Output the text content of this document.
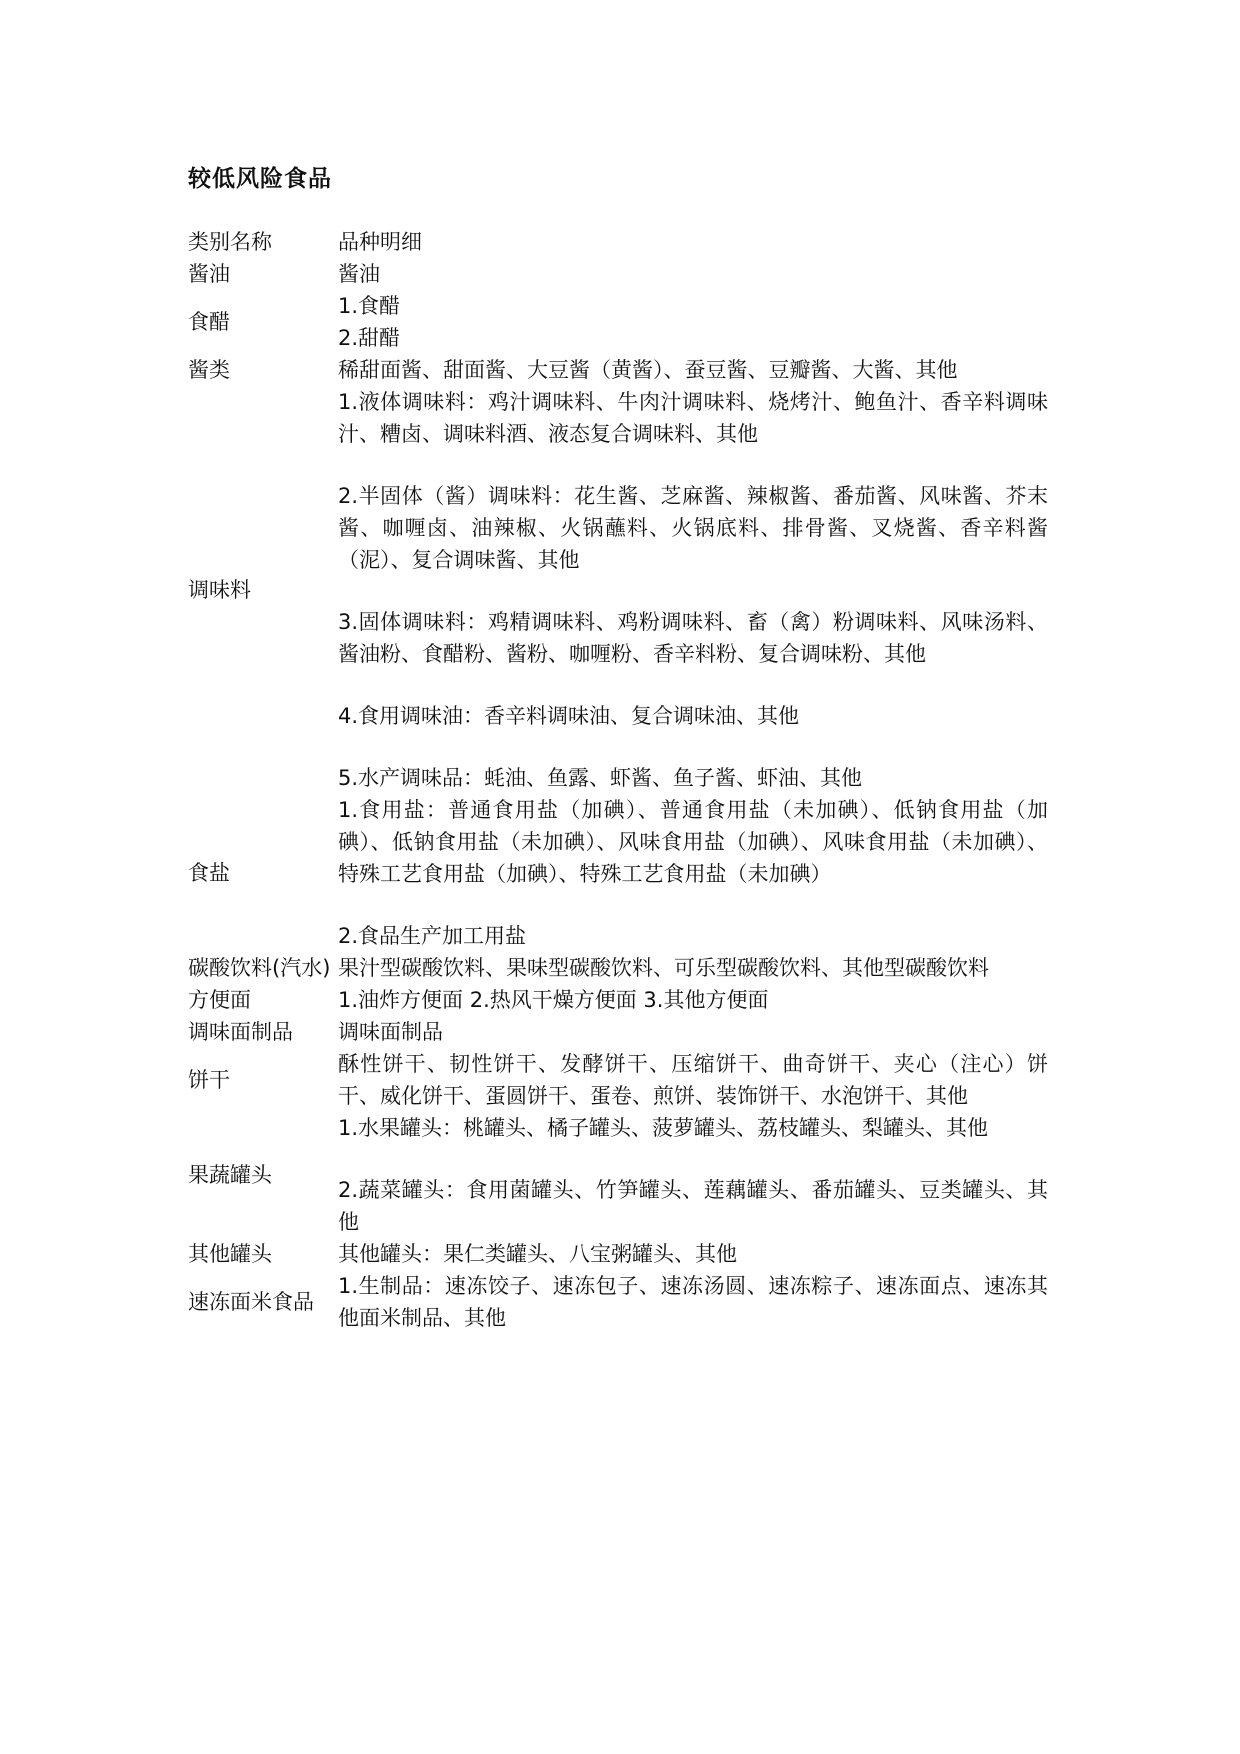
较低风险食品
类别名称	品种明细
酱油	酱油

食醋	1.食醋
2.甜醋

酱类	稀甜面酱、甜面酱、大豆酱（黄酱）、蚕豆酱、豆瓣酱、大酱、其他

调味料	1.液体调味料：鸡汁调味料、牛肉汁调味料、烧烤汁、鲍鱼汁、香辛料调味汁、糟卤、调味料酒、液态复合调味料、其他
2.半固体（酱）调味料：花生酱、芝麻酱、辣椒酱、番茄酱、风味酱、芥末酱、咖喱卤、油辣椒、火锅蘸料、火锅底料、排骨酱、叉烧酱、香辛料酱（泥）、复合调味酱、其他
3.固体调味料：鸡精调味料、鸡粉调味料、畜（禽）粉调味料、风味汤料、酱油粉、食醋粉、酱粉、咖喱粉、香辛料粉、复合调味粉、其他
4.食用调味油：香辛料调味油、复合调味油、其他
5.水产调味品：蚝油、鱼露、虾酱、鱼子酱、虾油、其他

食盐	1.食用盐：普通食用盐（加碘）、普通食用盐（未加碘）、低钠食用盐（加碘）、低钠食用盐（未加碘）、风味食用盐（加碘）、风味食用盐（未加碘）、特殊工艺食用盐（加碘）、特殊工艺食用盐（未加碘）
2.食品生产加工用盐

碳酸饮料(汽水)	果汁型碳酸饮料、果味型碳酸饮料、可乐型碳酸饮料、其他型碳酸饮料

方便面	1.油炸方便面 2.热风干燥方便面 3.其他方便面

调味面制品	调味面制品

饼干	酥性饼干、韧性饼干、发酵饼干、压缩饼干、曲奇饼干、夹心（注心）饼干、威化饼干、蛋圆饼干、蛋卷、煎饼、装饰饼干、水泡饼干、其他

果蔬罐头	1.水果罐头：桃罐头、橘子罐头、菠萝罐头、荔枝罐头、梨罐头、其他
2.蔬菜罐头：食用菌罐头、竹笋罐头、莲藕罐头、番茄罐头、豆类罐头、其他

其他罐头	其他罐头：果仁类罐头、八宝粥罐头、其他

速冻面米食品	1.生制品：速冻饺子、速冻包子、速冻汤圆、速冻粽子、速冻面点、速冻其他面米制品、其他
